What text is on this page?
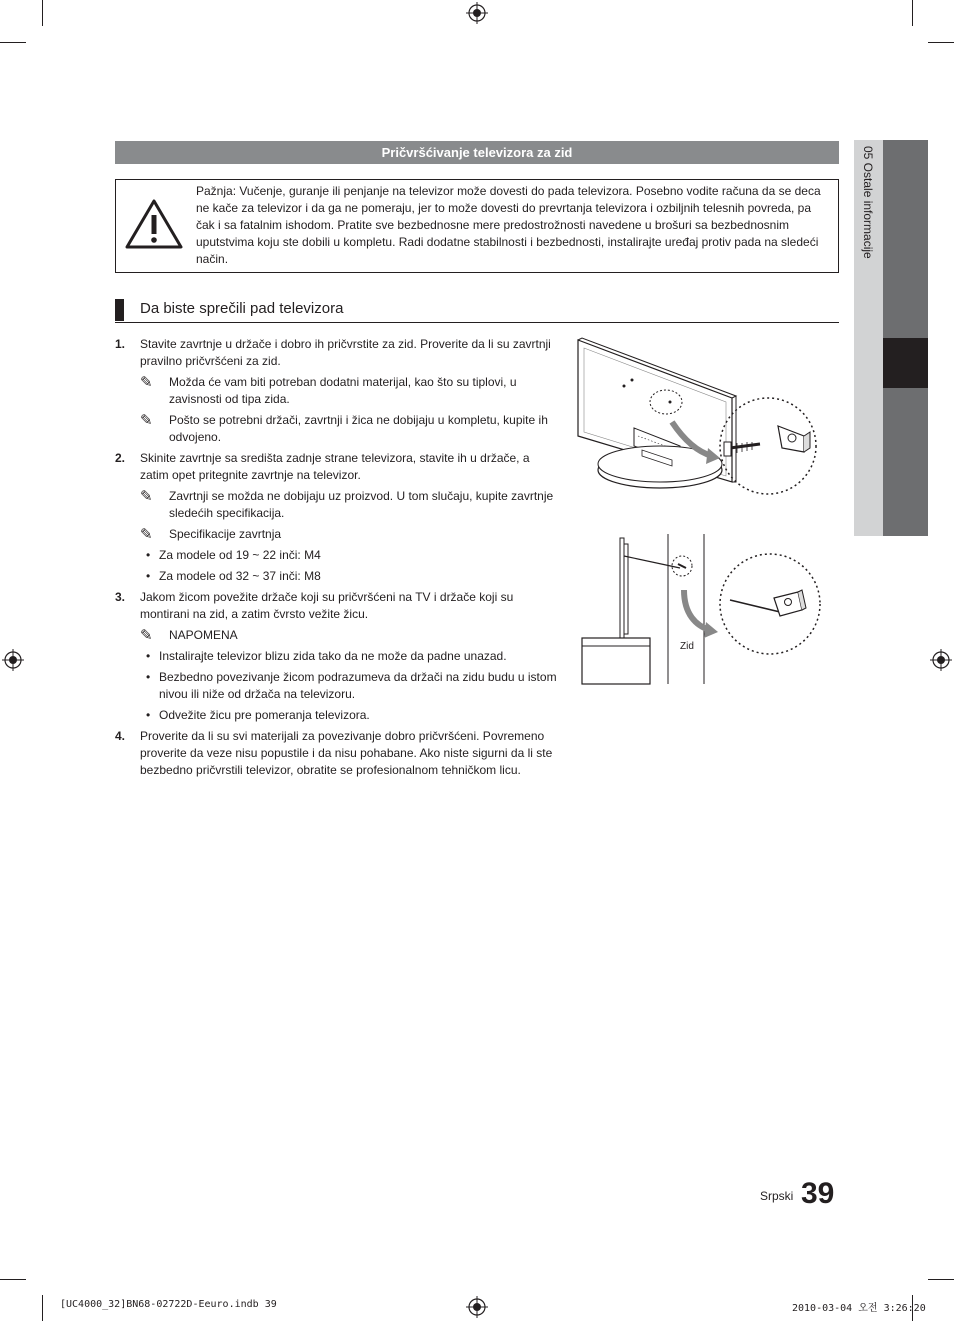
Pričvršćivanje televizora za zid
Pažnja: Vučenje, guranje ili penjanje na televizor može dovesti do pada televizora. Posebno vodite računa da se deca ne kače za televizor i da ga ne pomeraju, jer to može dovesti do prevrtanja televizora i ozbiljnih telesnih povreda, pa čak i sa fatalnim ishodom. Pratite sve bezbednosne mere predostrožnosti navedene u brošuri sa bezbednosnim uputstvima koju ste dobili u kompletu. Radi dodatne stabilnosti i bezbednosti, instalirajte uređaj protiv pada na sledeći način.
Da biste sprečili pad televizora
1. Stavite zavrtnje u držače i dobro ih pričvrstite za zid. Proverite da li su zavrtnji pravilno pričvršćeni za zid.
✎ Možda će vam biti potreban dodatni materijal, kao što su tiplovi, u zavisnosti od tipa zida.
✎ Pošto se potrebni držači, zavrtnji i žica ne dobijaju u kompletu, kupite ih odvojeno.
2. Skinite zavrtnje sa središta zadnje strane televizora, stavite ih u držače, a zatim opet pritegnite zavrtnje na televizor.
✎ Zavrtnji se možda ne dobijaju uz proizvod. U tom slučaju, kupite zavrtnje sledećih specifikacija.
✎ Specifikacije zavrtnja
• Za modele od 19 ~ 22 inči: M4
• Za modele od 32 ~ 37 inči: M8
3. Jakom žicom povežite držače koji su pričvršćeni na TV i držače koji su montirani na zid, a zatim čvrsto vežite žicu.
✎ NAPOMENA
• Instalirajte televizor blizu zida tako da ne može da padne unazad.
• Bezbedno povezivanje žicom podrazumeva da držači na zidu budu u istom nivou ili niže od držača na televizoru.
• Odvežite žicu pre pomeranja televizora.
4. Proverite da li su svi materijali za povezivanje dobro pričvršćeni. Povremeno proverite da veze nisu popustile i da nisu pohabane. Ako niste sigurni da li ste bezbedno pričvrstili televizor, obratite se profesionalnom tehničkom licu.
Zid
05 Ostale informacije
Srpski 39
[UC4000_32]BN68-02722D-Eeuro.indb 39	2010-03-04 오전 3:26:20
